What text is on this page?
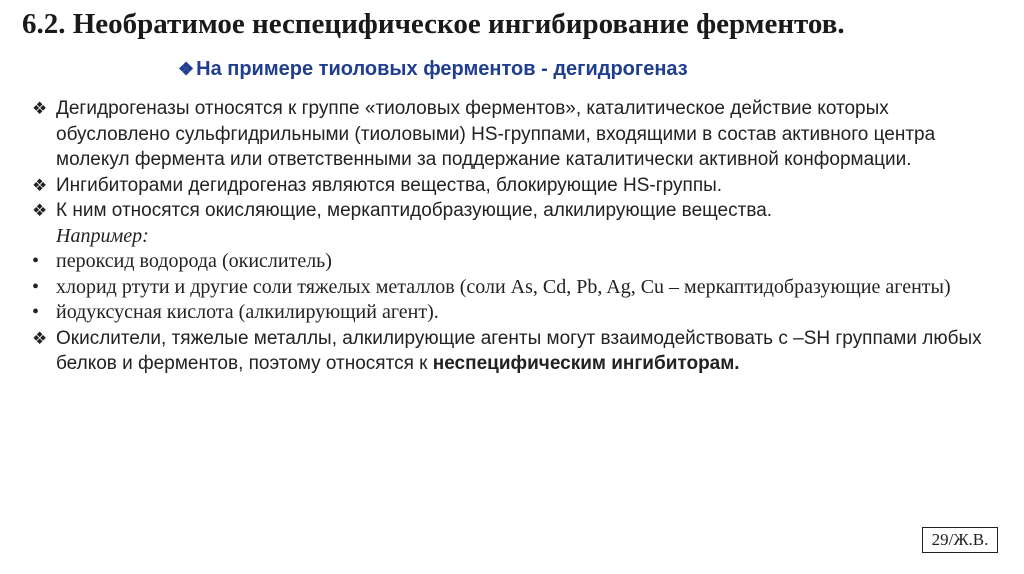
6.2. Необратимое неспецифическое ингибирование ферментов.
❖ На примере тиоловых ферментов - дегидрогеназ
❖ Дегидрогеназы относятся к группе «тиоловых ферментов», каталитическое действие которых обусловлено сульфгидрильными (тиоловыми) HS-группами, входящими в состав активного центра молекул фермента или ответственными за поддержание каталитически активной конформации.
❖ Ингибиторами дегидрогеназ являются вещества, блокирующие HS-группы.
❖ К ним относятся окисляющие, меркаптидобразующие, алкилирующие вещества.
Например:
• пероксид водорода (окислитель)
• хлорид ртути и другие соли тяжелых металлов (соли As, Cd, Pb, Ag, Cu – меркаптидобразующие агенты)
• йодуксусная кислота (алкилирующий агент).
❖ Окислители, тяжелые металлы, алкилирующие агенты могут взаимодействовать с –SH группами любых белков и ферментов, поэтому относятся к неспецифическим ингибиторам.
29/Ж.В.
